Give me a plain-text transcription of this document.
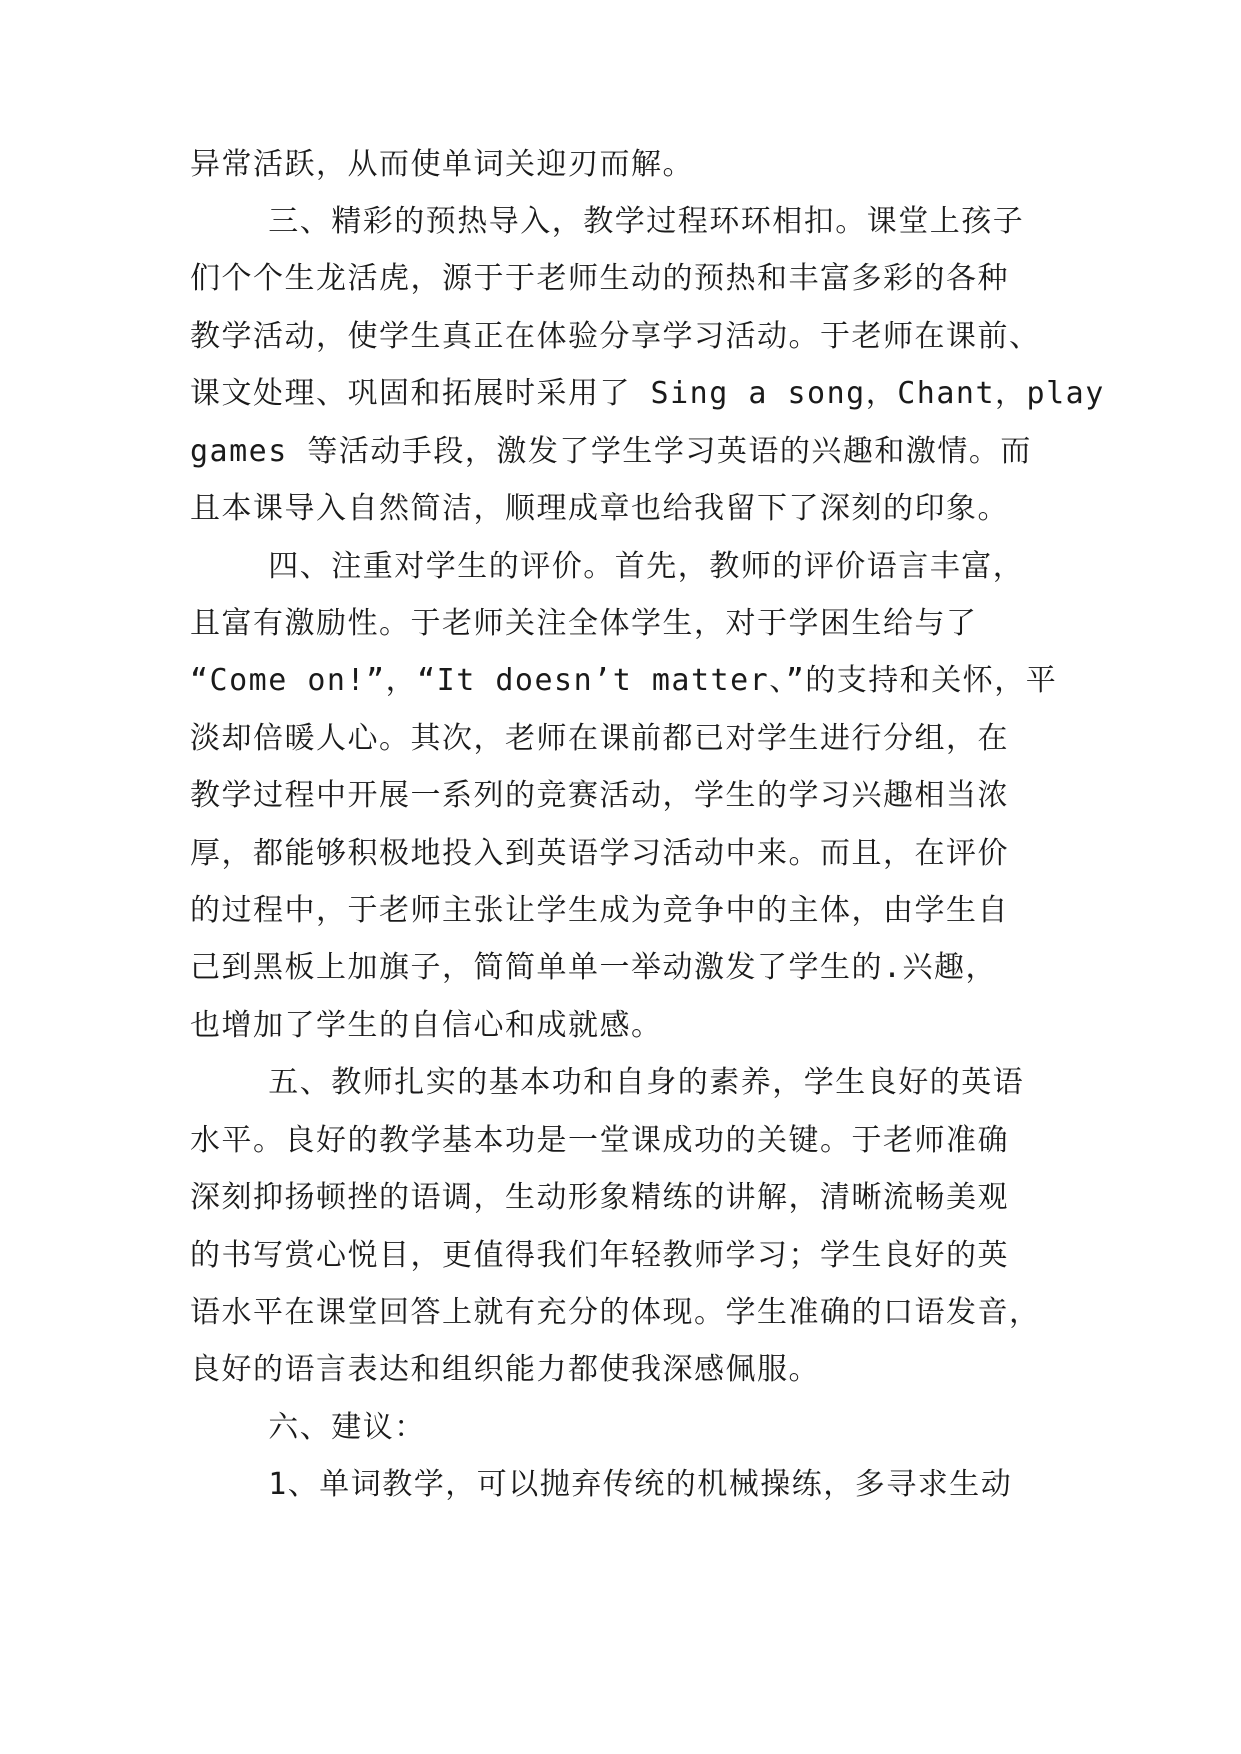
异常活跃，从而使单词关迎刃而解。
三、精彩的预热导入，教学过程环环相扣。课堂上孩子
们个个生龙活虎，源于于老师生动的预热和丰富多彩的各种
教学活动，使学生真正在体验分享学习活动。于老师在课前、
课文处理、巩固和拓展时采用了 Sing a song，Chant，play
games 等活动手段，激发了学生学习英语的兴趣和激情。而
且本课导入自然简洁，顺理成章也给我留下了深刻的印象。
四、注重对学生的评价。首先，教师的评价语言丰富，
且富有激励性。于老师关注全体学生，对于学困生给与了
“Come on!”，“It doesn’t matter、”的支持和关怀，平
淡却倍暖人心。其次，老师在课前都已对学生进行分组，在
教学过程中开展一系列的竞赛活动，学生的学习兴趣相当浓
厚，都能够积极地投入到英语学习活动中来。而且，在评价
的过程中，于老师主张让学生成为竞争中的主体，由学生自
己到黑板上加旗子，简简单单一举动激发了学生的.兴趣，
也增加了学生的自信心和成就感。
五、教师扎实的基本功和自身的素养，学生良好的英语
水平。良好的教学基本功是一堂课成功的关键。于老师准确
深刻抑扬顿挫的语调，生动形象精练的讲解，清晰流畅美观
的书写赏心悦目，更值得我们年轻教师学习；学生良好的英
语水平在课堂回答上就有充分的体现。学生准确的口语发音，
良好的语言表达和组织能力都使我深感佩服。
六、建议：
1、单词教学，可以抛弃传统的机械操练，多寻求生动
